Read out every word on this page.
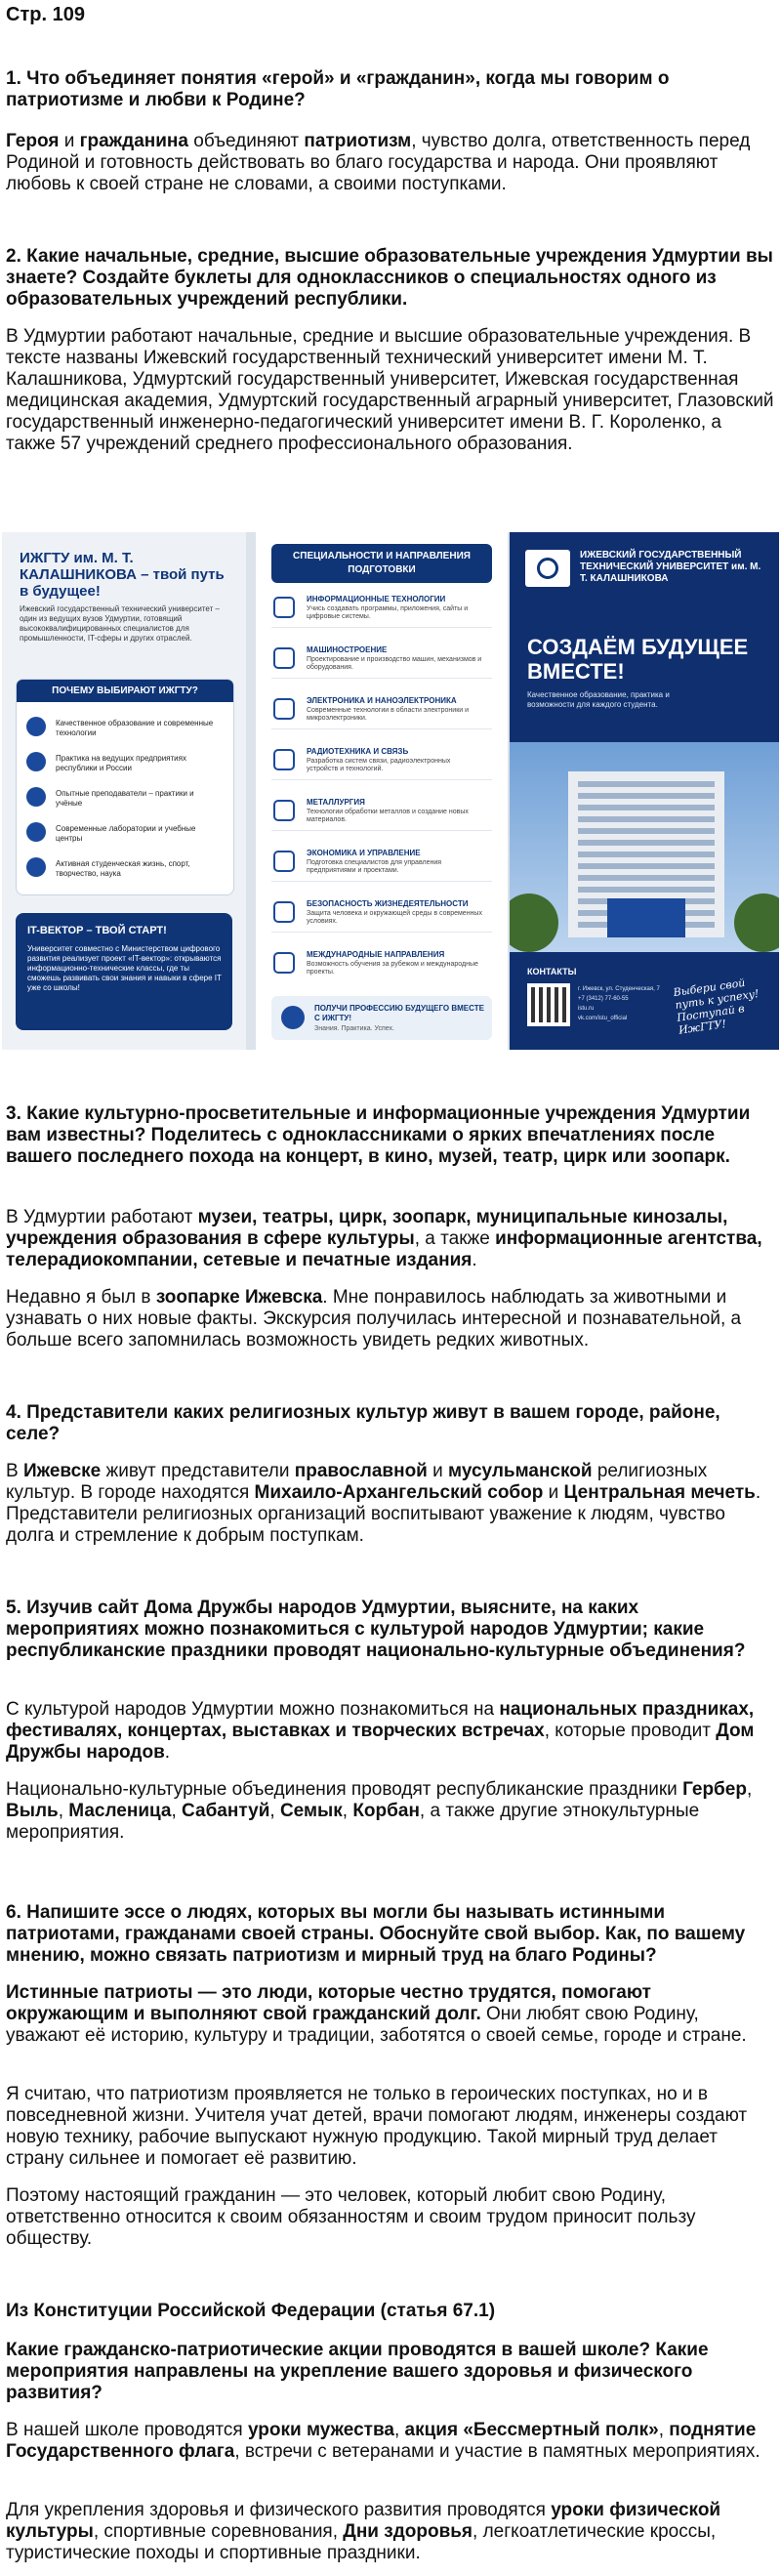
Стр. 109

1. Что объединяет понятия «герой» и «гражданин», когда мы говорим о патриотизме и любви к Родине?

Героя и гражданина объединяют патриотизм, чувство долга, ответственность перед Родиной и готовность действовать во благо государства и народа. Они проявляют любовь к своей стране не словами, а своими поступками.

2. Какие начальные, средние, высшие образовательные учреждения Удмуртии вы знаете? Создайте буклеты для одноклассников о специальностях одного из образовательных учреждений республики.

В Удмуртии работают начальные, средние и высшие образовательные учреждения. В тексте названы Ижевский государственный технический университет имени М. Т. Калашникова, Удмуртский государственный университет, Ижевская государственная медицинская академия, Удмуртский государственный аграрный университет, Глазовский государственный инженерно-педагогический университет имени В. Г. Короленко, а также 57 учреждений среднего профессионального образования.

ИЖГТУ им. М. Т. КАЛАШНИКОВА – твой путь в будущее!
Ижевский государственный технический университет – один из ведущих вузов Удмуртии, готовящий высококвалифицированных специалистов для промышленности, IT-сферы и других отраслей.
ПОЧЕМУ ВЫБИРАЮТ ИЖГТУ?
Качественное образование и современные технологии
Практика на ведущих предприятиях республики и России
Опытные преподаватели – практики и учёные
Современные лаборатории и учебные центры
Активная студенческая жизнь, спорт, творчество, наука
IT-ВЕКТОР – ТВОЙ СТАРТ!
Университет совместно с Министерством цифрового развития реализует проект «IT-вектор»: открываются информационно-технические классы, где ты сможешь развивать свои знания и навыки в сфере IT уже со школы!
СПЕЦИАЛЬНОСТИ И НАПРАВЛЕНИЯ ПОДГОТОВКИ
ИНФОРМАЦИОННЫЕ ТЕХНОЛОГИИ
Учись создавать программы, приложения, сайты и цифровые системы.
МАШИНОСТРОЕНИЕ
Проектирование и производство машин, механизмов и оборудования.
ЭЛЕКТРОНИКА И НАНОЭЛЕКТРОНИКА
Современные технологии в области электроники и микроэлектроники.
РАДИОТЕХНИКА И СВЯЗЬ
Разработка систем связи, радиоэлектронных устройств и технологий.
МЕТАЛЛУРГИЯ
Технологии обработки металлов и создание новых материалов.
ЭКОНОМИКА И УПРАВЛЕНИЕ
Подготовка специалистов для управления предприятиями и проектами.
БЕЗОПАСНОСТЬ ЖИЗНЕДЕЯТЕЛЬНОСТИ
Защита человека и окружающей среды в современных условиях.
МЕЖДУНАРОДНЫЕ НАПРАВЛЕНИЯ
Возможность обучения за рубежом и международные проекты.
ПОЛУЧИ ПРОФЕССИЮ БУДУЩЕГО ВМЕСТЕ С ИЖГТУ!
Знания. Практика. Успех.
ИЖЕВСКИЙ ГОСУДАРСТВЕННЫЙ ТЕХНИЧЕСКИЙ УНИВЕРСИТЕТ им. М. Т. КАЛАШНИКОВА
СОЗДАЁМ БУДУЩЕЕ ВМЕСТЕ!
Качественное образование, практика и возможности для каждого студента.
КОНТАКТЫ
г. Ижевск, ул. Студенческая, 7
+7 (3412) 77-60-55
istu.ru
vk.com/istu_official
Выбери свой путь к успеху! Поступай в ИжГТУ!

3. Какие культурно-просветительные и информационные учреждения Удмуртии вам известны? Поделитесь с одноклассниками о ярких впечатлениях после вашего последнего похода на концерт, в кино, музей, театр, цирк или зоопарк.

В Удмуртии работают музеи, театры, цирк, зоопарк, муниципальные кинозалы, учреждения образования в сфере культуры, а также информационные агентства, телерадиокомпании, сетевые и печатные издания.

Недавно я был в зоопарке Ижевска. Мне понравилось наблюдать за животными и узнавать о них новые факты. Экскурсия получилась интересной и познавательной, а больше всего запомнилась возможность увидеть редких животных.

4. Представители каких религиозных культур живут в вашем городе, районе, селе?

В Ижевске живут представители православной и мусульманской религиозных культур. В городе находятся Михаило-Архангельский собор и Центральная мечеть. Представители религиозных организаций воспитывают уважение к людям, чувство долга и стремление к добрым поступкам.

5. Изучив сайт Дома Дружбы народов Удмуртии, выясните, на каких мероприятиях можно познакомиться с культурой народов Удмуртии; какие республиканские праздники проводят национально-культурные объединения?

С культурой народов Удмуртии можно познакомиться на национальных праздниках, фестивалях, концертах, выставках и творческих встречах, которые проводит Дом Дружбы народов.

Национально-культурные объединения проводят республиканские праздники Гербер, Выль, Масленица, Сабантуй, Семык, Корбан, а также другие этнокультурные мероприятия.

6. Напишите эссе о людях, которых вы могли бы называть истинными патриотами, гражданами своей страны. Обоснуйте свой выбор. Как, по вашему мнению, можно связать патриотизм и мирный труд на благо Родины?

Истинные патриоты — это люди, которые честно трудятся, помогают окружающим и выполняют свой гражданский долг. Они любят свою Родину, уважают её историю, культуру и традиции, заботятся о своей семье, городе и стране.

Я считаю, что патриотизм проявляется не только в героических поступках, но и в повседневной жизни. Учителя учат детей, врачи помогают людям, инженеры создают новую технику, рабочие выпускают нужную продукцию. Такой мирный труд делает страну сильнее и помогает её развитию.

Поэтому настоящий гражданин — это человек, который любит свою Родину, ответственно относится к своим обязанностям и своим трудом приносит пользу обществу.

Из Конституции Российской Федерации (статья 67.1)

Какие гражданско-патриотические акции проводятся в вашей школе? Какие мероприятия направлены на укрепление вашего здоровья и физического развития?

В нашей школе проводятся уроки мужества, акция «Бессмертный полк», поднятие Государственного флага, встречи с ветеранами и участие в памятных мероприятиях.

Для укрепления здоровья и физического развития проводятся уроки физической культуры, спортивные соревнования, Дни здоровья, легкоатлетические кроссы, туристические походы и спортивные праздники.
